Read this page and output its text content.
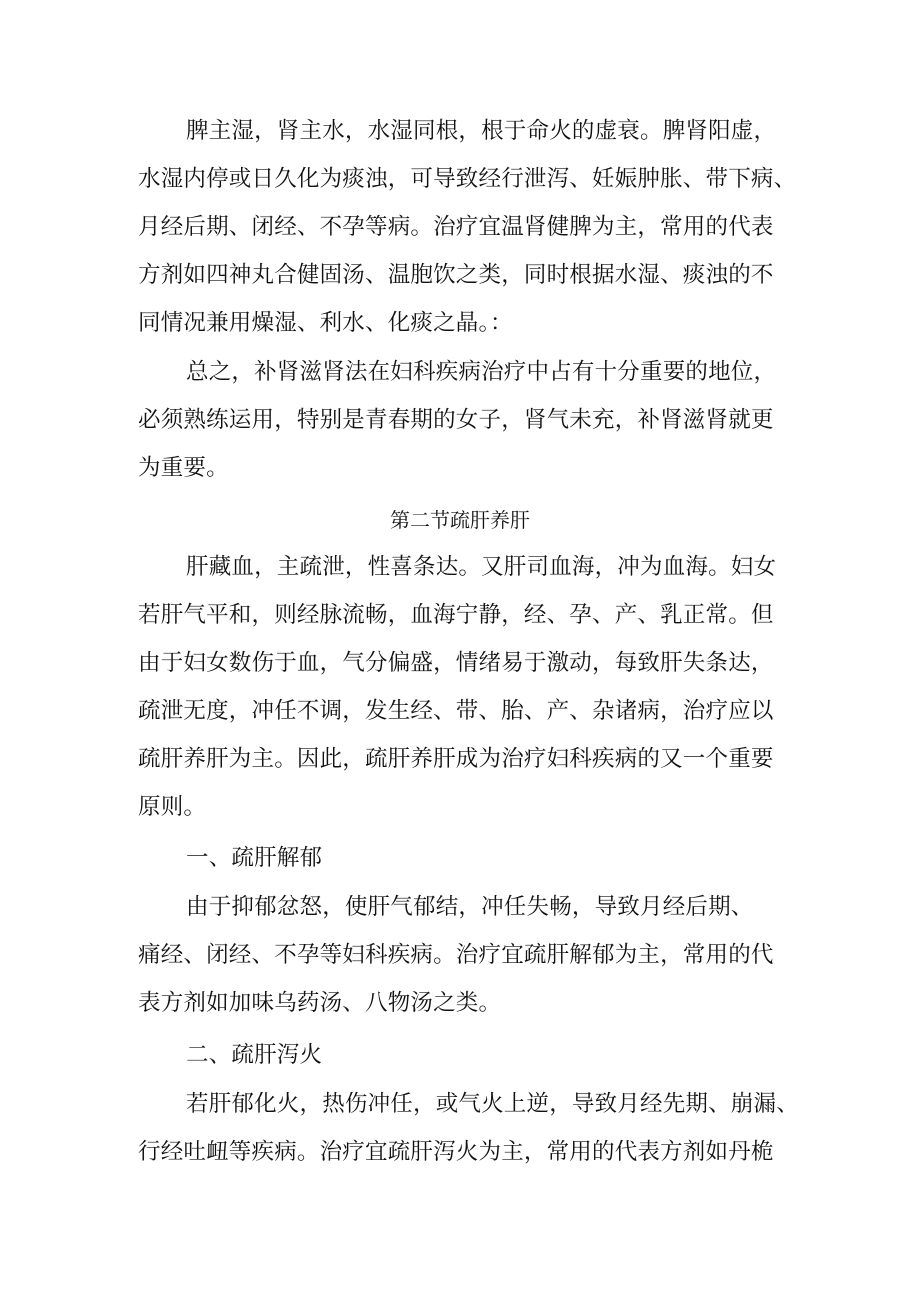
脾主湿，肾主水，水湿同根，根于命火的虚衰。脾肾阳虚，
水湿内停或日久化为痰浊，可导致经行泄泻、妊娠肿胀、带下病、
月经后期、闭经、不孕等病。治疗宜温肾健脾为主，常用的代表
方剂如四神丸合健固汤、温胞饮之类，同时根据水湿、痰浊的不
同情况兼用燥湿、利水、化痰之晶。：
总之，补肾滋肾法在妇科疾病治疗中占有十分重要的地位，
必须熟练运用，特别是青春期的女子，肾气未充，补肾滋肾就更
为重要。
第二节疏肝养肝
肝藏血，主疏泄，性喜条达。又肝司血海，冲为血海。妇女
若肝气平和，则经脉流畅，血海宁静，经、孕、产、乳正常。但
由于妇女数伤于血，气分偏盛，情绪易于激动，每致肝失条达，
疏泄无度，冲任不调，发生经、带、胎、产、杂诸病，治疗应以
疏肝养肝为主。因此，疏肝养肝成为治疗妇科疾病的又一个重要
原则。
一、疏肝解郁
由于抑郁忿怒，使肝气郁结，冲任失畅，导致月经后期、
痛经、闭经、不孕等妇科疾病。治疗宜疏肝解郁为主，常用的代
表方剂如加味乌药汤、八物汤之类。
二、疏肝泻火
若肝郁化火，热伤冲任，或气火上逆，导致月经先期、崩漏、
行经吐衄等疾病。治疗宜疏肝泻火为主，常用的代表方剂如丹桅
